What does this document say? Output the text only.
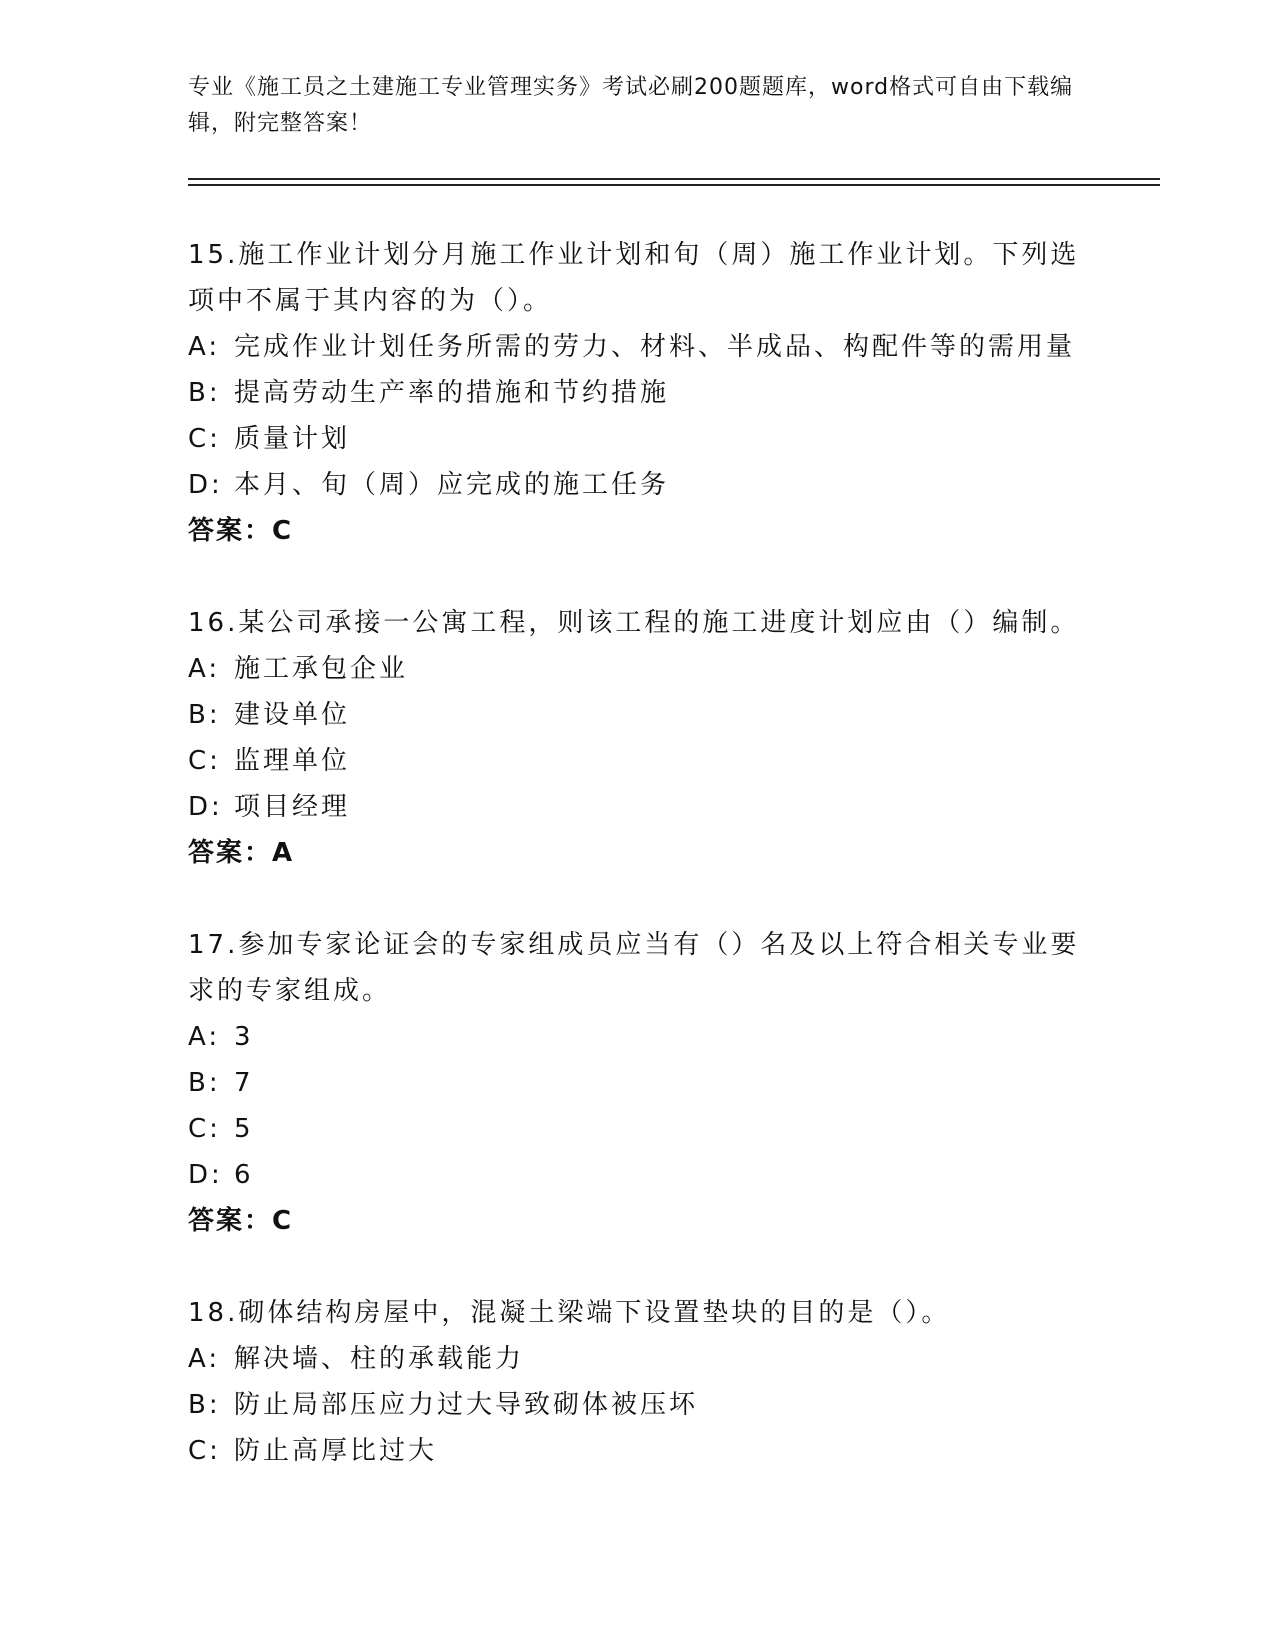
专业《施工员之土建施工专业管理实务》考试必刷200题题库，word格式可自由下载编辑，附完整答案！
15.施工作业计划分月施工作业计划和旬（周）施工作业计划。下列选项中不属于其内容的为（）。
A: 完成作业计划任务所需的劳力、材料、半成品、构配件等的需用量
B: 提高劳动生产率的措施和节约措施
C: 质量计划
D: 本月、旬（周）应完成的施工任务
答案：C
16.某公司承接一公寓工程，则该工程的施工进度计划应由（）编制。
A: 施工承包企业
B: 建设单位
C: 监理单位
D: 项目经理
答案：A
17.参加专家论证会的专家组成员应当有（）名及以上符合相关专业要求的专家组成。
A: 3
B: 7
C: 5
D: 6
答案：C
18.砌体结构房屋中，混凝土梁端下设置垫块的目的是（）。
A: 解决墙、柱的承载能力
B: 防止局部压应力过大导致砌体被压坏
C: 防止高厚比过大
